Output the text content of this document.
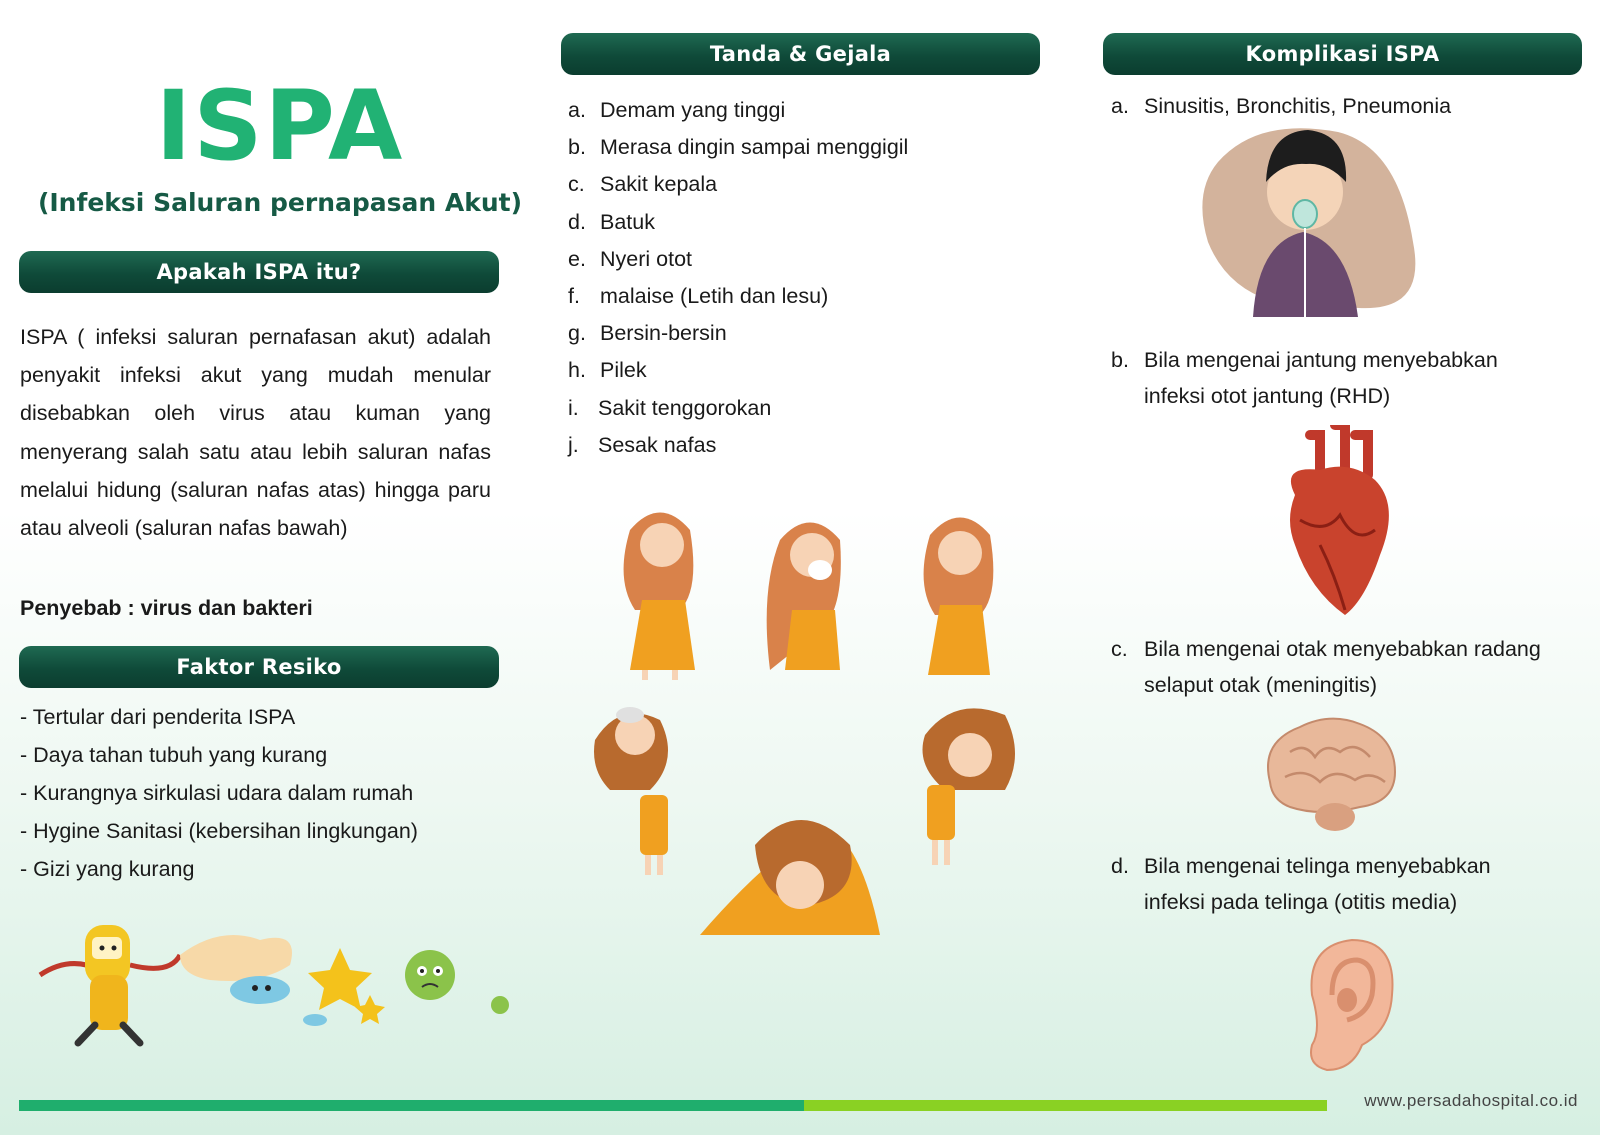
ISPA
(Infeksi Saluran pernapasan Akut)
Apakah ISPA itu?
ISPA ( infeksi saluran pernafasan akut) adalah penyakit infeksi akut yang mudah menular disebabkan oleh virus atau kuman yang menyerang salah satu atau lebih saluran nafas melalui hidung (saluran nafas atas) hingga paru atau alveoli (saluran nafas bawah)
Penyebab : virus dan bakteri
Faktor Resiko
- Tertular dari penderita ISPA
- Daya tahan tubuh yang kurang
- Kurangnya sirkulasi udara dalam rumah
- Hygine Sanitasi (kebersihan lingkungan)
- Gizi yang kurang
Tanda & Gejala
a. Demam yang tinggi
b. Merasa dingin sampai menggigil
c. Sakit kepala
d. Batuk
e. Nyeri otot
f. malaise (Letih dan lesu)
g. Bersin-bersin
h. Pilek
i. Sakit tenggorokan
j. Sesak nafas
Komplikasi ISPA
a. Sinusitis, Bronchitis, Pneumonia
b. Bila mengenai jantung menyebabkan infeksi otot jantung (RHD)
c. Bila mengenai otak menyebabkan radang selaput otak (meningitis)
d. Bila mengenai telinga menyebabkan infeksi pada telinga (otitis media)
www.persadahospital.co.id
